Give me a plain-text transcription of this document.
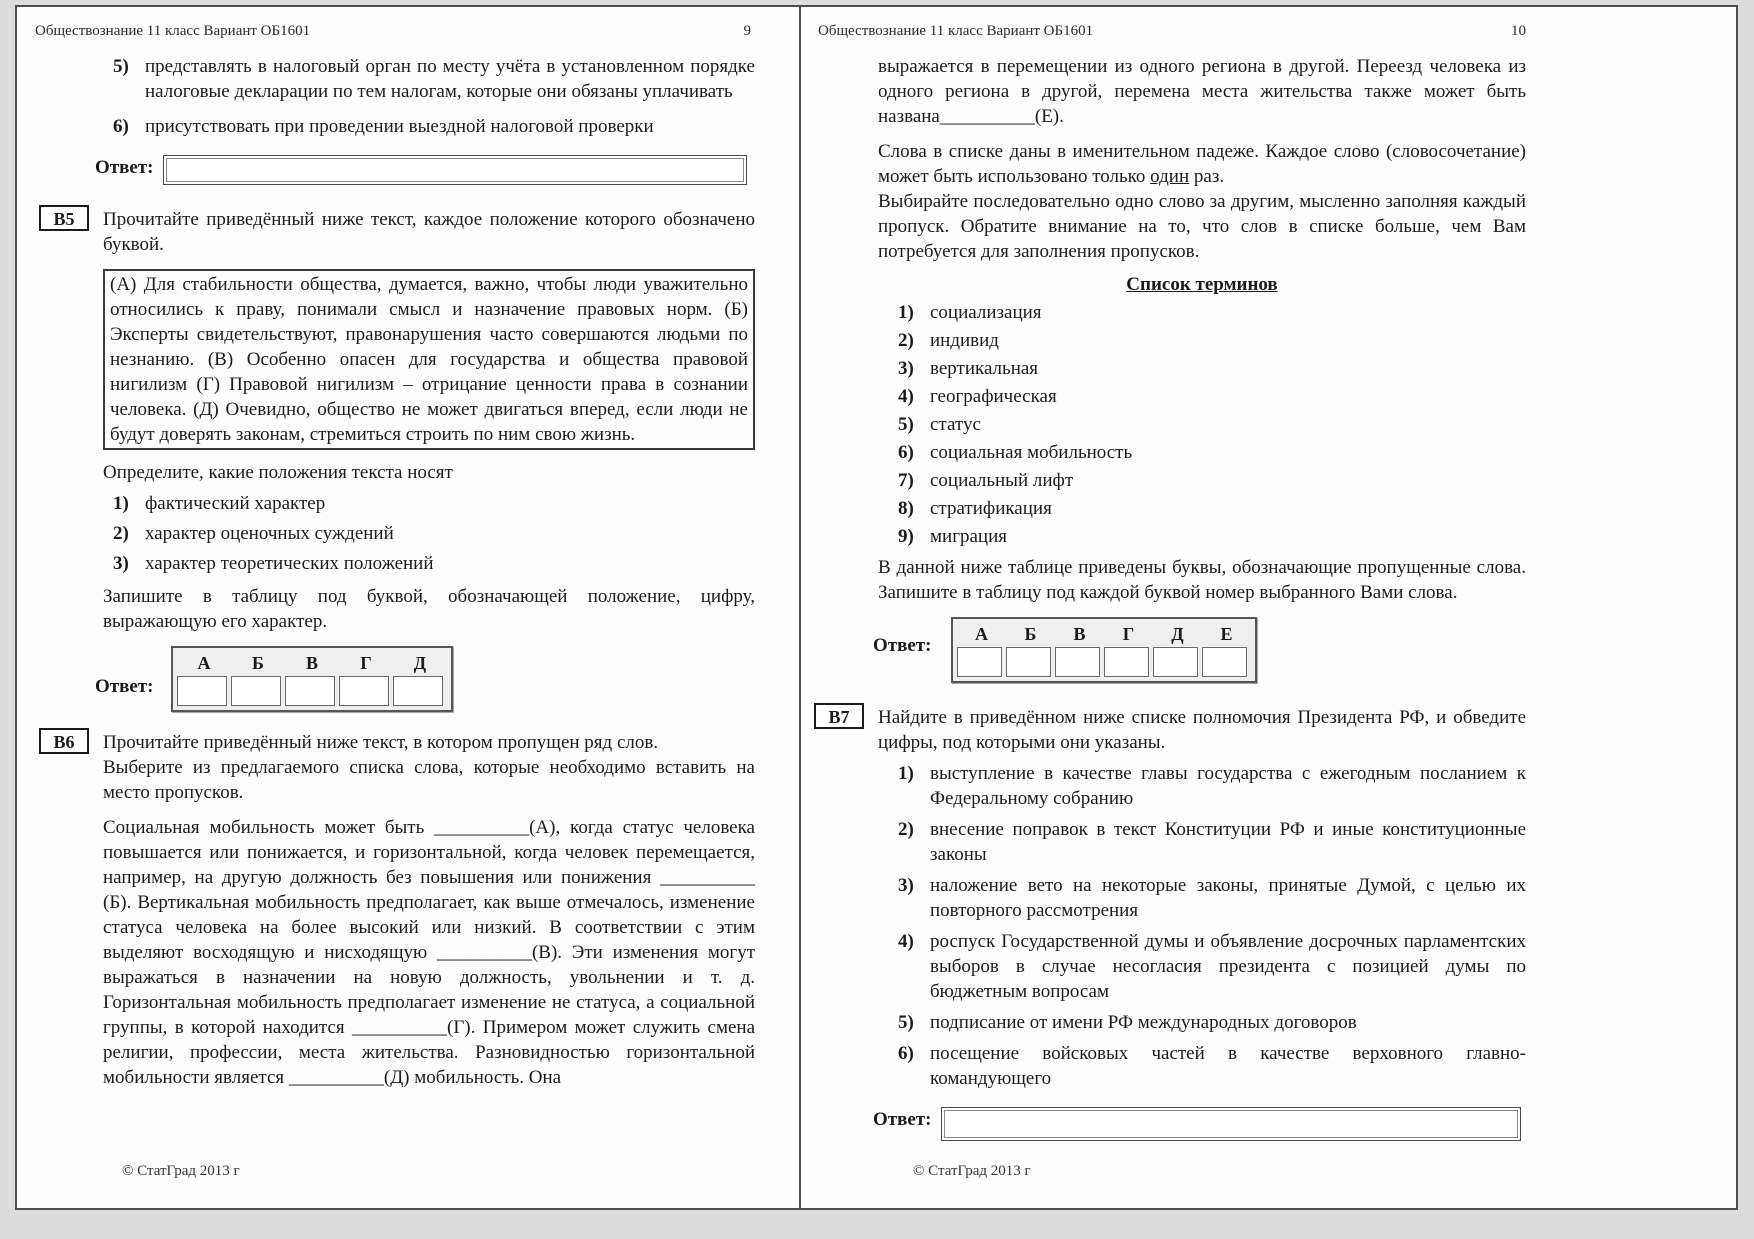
Обществознание 11 класс Вариант ОБ1601	9
5) представлять в налоговый орган по месту учёта в установленном порядке налоговые декларации по тем налогам, которые они обязаны уплачивать
6) присутствовать при проведении выездной налоговой проверки
Ответ:
В5	Прочитайте приведённый ниже текст, каждое положение которого обозначено буквой.
(А) Для стабильности общества, думается, важно, чтобы люди уважительно относились к праву, понимали смысл и назначение правовых норм. (Б) Эксперты свидетельствуют, правонарушения часто совершаются людьми по незнанию. (В) Особенно опасен для государства и общества правовой нигилизм (Г) Правовой нигилизм – отрицание ценности права в сознании человека. (Д) Очевидно, общество не может двигаться вперед, если люди не будут доверять законам, стремиться строить по ним свою жизнь.
Определите, какие положения текста носят
1) фактический характер
2) характер оценочных суждений
3) характер теоретических положений
Запишите в таблицу под буквой, обозначающей положение, цифру, выражающую его характер.
Ответ:
А	Б	В	Г	Д
В6	Прочитайте приведённый ниже текст, в котором пропущен ряд слов.

Выберите из предлагаемого списка слова, которые необходимо вставить на место пропусков.

Социальная мобильность может быть __________(А), когда статус человека повышается или понижается, и горизонтальной, когда человек перемещается, например, на другую должность без повышения или понижения __________ (Б). Вертикальная мобильность предполагает, как выше отмечалось, изменение статуса человека на более высокий или низкий. В соответствии с этим выделяют восходящую и нисходящую __________(В). Эти изменения могут выражаться в назначении на новую должность, увольнении и т. д. Горизонтальная мобильность предполагает изменение не статуса, а социальной группы, в которой находится __________(Г). Примером может служить смена религии, профессии, места жительства. Разновидностью горизонтальной мобильности является __________(Д) мобильность. Она
© СтатГрад 2013 г
Обществознание 11 класс Вариант ОБ1601	10
выражается в перемещении из одного региона в другой. Переезд человека из одного региона в другой, перемена места жительства также может быть названа__________(Е).

Слова в списке даны в именительном падеже. Каждое слово (словосочетание) может быть использовано только один раз.

Выбирайте последовательно одно слово за другим, мысленно заполняя каждый пропуск. Обратите внимание на то, что слов в списке больше, чем Вам потребуется для заполнения пропусков.
Список терминов
1) социализация
2) индивид
3) вертикальная
4) географическая
5) статус
6) социальная мобильность
7) социальный лифт
8) стратификация
9) миграция
В данной ниже таблице приведены буквы, обозначающие пропущенные слова. Запишите в таблицу под каждой буквой номер выбранного Вами слова.
Ответ:
А	Б	В	Г	Д	Е
В7	Найдите в приведённом ниже списке полномочия Президента РФ, и обведите цифры, под которыми они указаны.
1) выступление в качестве главы государства с ежегодным посланием к Федеральному собранию
2) внесение поправок в текст Конституции РФ и иные конституционные законы
3) наложение вето на некоторые законы, принятые Думой, с целью их повторного рассмотрения
4) роспуск Государственной думы и объявление досрочных парламентских выборов в случае несогласия президента с позицией думы по бюджетным вопросам
5) подписание от имени РФ международных договоров
6) посещение войсковых частей в качестве верховного главно-командующего
Ответ:
© СтатГрад 2013 г
